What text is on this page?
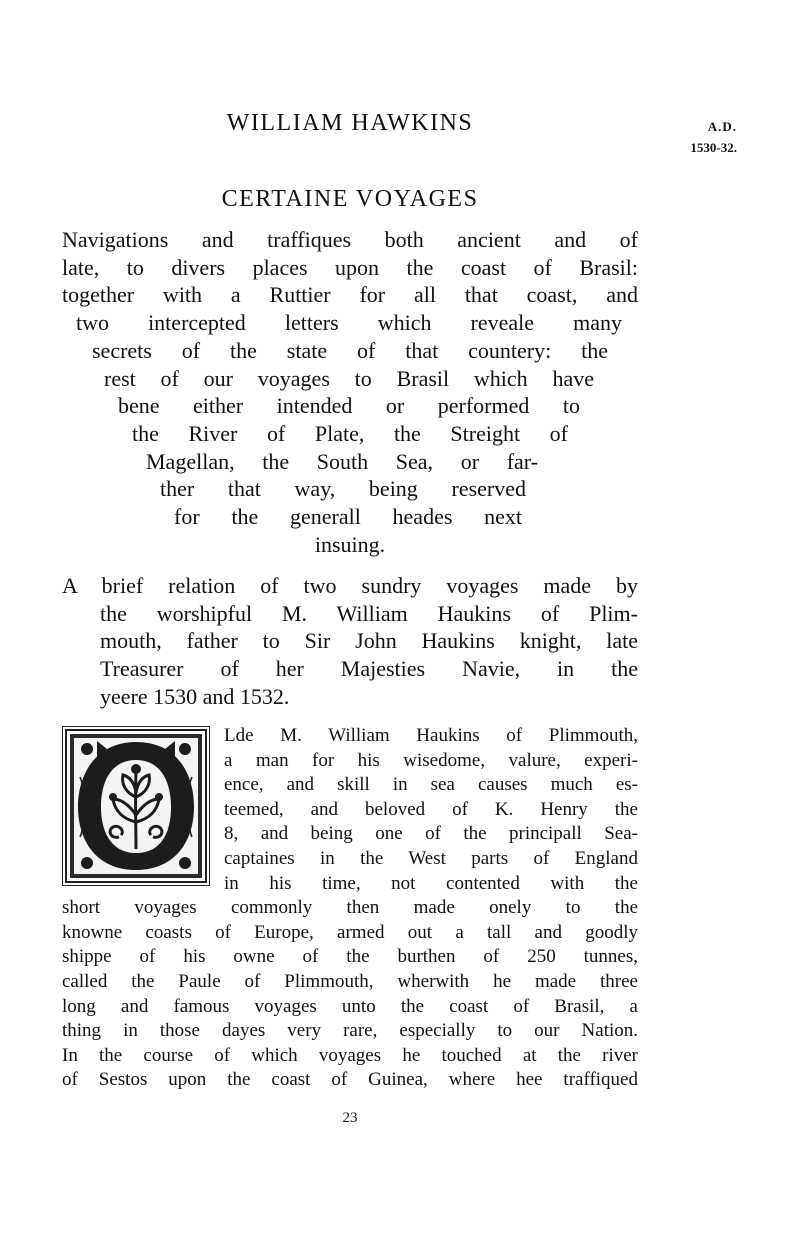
WILLIAM HAWKINS
CERTAINE VOYAGES
Navigations and traffiques both ancient and of
late, to divers places upon the coast of Brasil:
together with a Ruttier for all that coast, and
two intercepted letters which reveale many
secrets of the state of that countery: the
rest of our voyages to Brasil which have
bene either intended or performed to
the River of Plate, the Streight of
Magellan, the South Sea, or far-
ther that way, being reserved
for the generall heades next
insuing.
A brief relation of two sundry voyages made by
the worshipful M. William Haukins of Plim-
mouth, father to Sir John Haukins knight, late
Treasurer of her Majesties Navie, in the
yeere 1530 and 1532.
Lde M. William Haukins of Plimmouth,
a man for his wisedome, valure, experi-
ence, and skill in sea causes much es-
teemed, and beloved of K. Henry the
8, and being one of the principall Sea-
captaines in the West parts of England
in his time, not contented with the
short voyages commonly then made onely to the
knowne coasts of Europe, armed out a tall and goodly
shippe of his owne of the burthen of 250 tunnes,
called the Paule of Plimmouth, wherwith he made three
long and famous voyages unto the coast of Brasil, a
thing in those dayes very rare, especially to our Nation.
In the course of which voyages he touched at the river
of Sestos upon the coast of Guinea, where hee traffiqued
23
A.D.
1530-32.
